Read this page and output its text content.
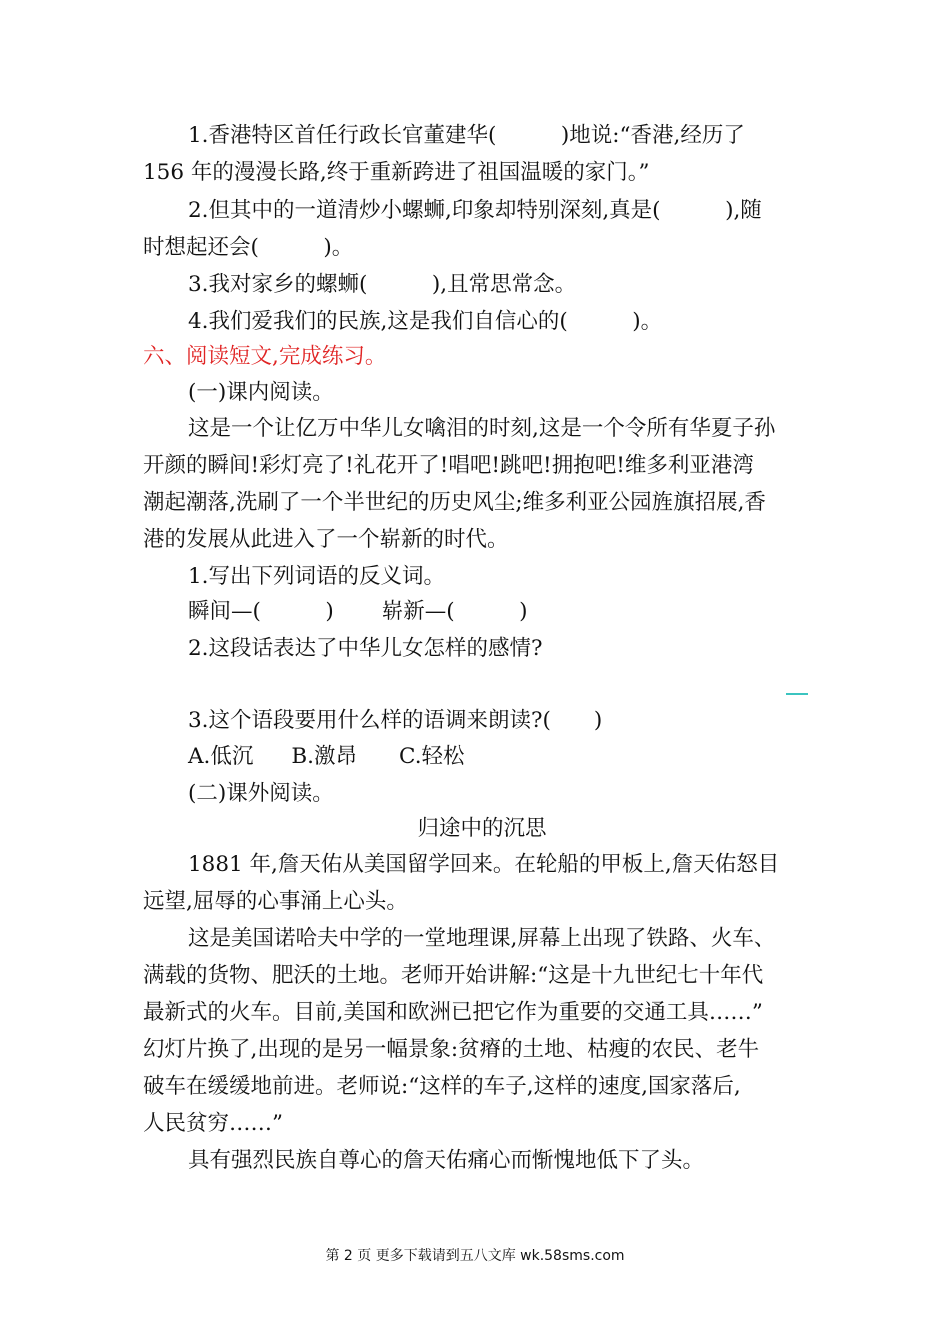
1.香港特区首任行政长官董建华(　　　)地说:“香港,经历了
156 年的漫漫长路,终于重新跨进了祖国温暖的家门。”
2.但其中的一道清炒小螺蛳,印象却特别深刻,真是(　　　),随
时想起还会(　　　)。
3.我对家乡的螺蛳(　　　),且常思常念。
4.我们爱我们的民族,这是我们自信心的(　　　)。
六、阅读短文,完成练习。
(一)课内阅读。
这是一个让亿万中华儿女噙泪的时刻,这是一个令所有华夏子孙
开颜的瞬间!彩灯亮了!礼花开了!唱吧!跳吧!拥抱吧!维多利亚港湾
潮起潮落,洗刷了一个半世纪的历史风尘;维多利亚公园旌旗招展,香
港的发展从此进入了一个崭新的时代。
1.写出下列词语的反义词。
瞬间—(　　　) 崭新—(　　　)
2.这段话表达了中华儿女怎样的感情?
3.这个语段要用什么样的语调来朗读?(　　)
A.低沉 B.激昂 C.轻松
(二)课外阅读。
归途中的沉思
1881 年,詹天佑从美国留学回来。在轮船的甲板上,詹天佑怒目
远望,屈辱的心事涌上心头。
这是美国诺哈夫中学的一堂地理课,屏幕上出现了铁路、火车、
满载的货物、肥沃的土地。老师开始讲解:“这是十九世纪七十年代
最新式的火车。目前,美国和欧洲已把它作为重要的交通工具……”
幻灯片换了,出现的是另一幅景象:贫瘠的土地、枯瘦的农民、老牛
破车在缓缓地前进。老师说:“这样的车子,这样的速度,国家落后,
人民贫穷……”
具有强烈民族自尊心的詹天佑痛心而惭愧地低下了头。
第 2 页 更多下载请到五八文库 wk.58sms.com
